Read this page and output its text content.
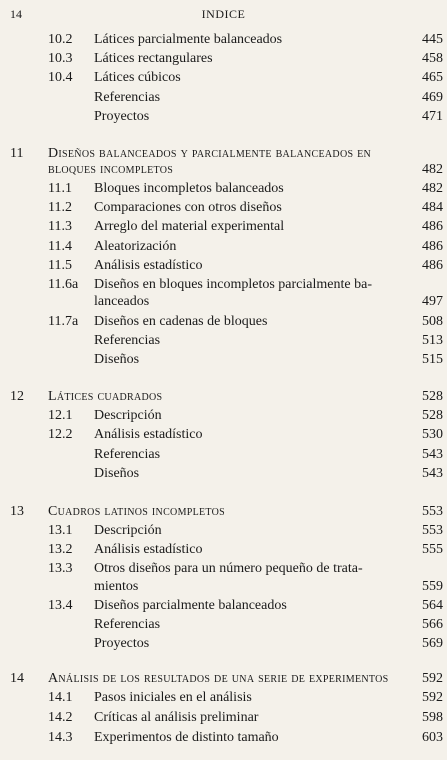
14	INDICE
10.2 Látices parcialmente balanceados	445
10.3 Látices rectangulares	458
10.4 Látices cúbicos	465
Referencias	469
Proyectos	471
11 Diseños balanceados y parcialmente balanceados en
bloques incompletos	482
11.1 Bloques incompletos balanceados	482
11.2 Comparaciones con otros diseños	484
11.3 Arreglo del material experimental	486
11.4 Aleatorización	486
11.5 Análisis estadístico	486
11.6a Diseños en bloques incompletos parcialmente ba-
lanceados	497
11.7a Diseños en cadenas de bloques	508
Referencias	513
Diseños	515
12 Látices cuadrados	528
12.1 Descripción	528
12.2 Análisis estadístico	530
Referencias	543
Diseños	543
13 Cuadros latinos incompletos	553
13.1 Descripción	553
13.2 Análisis estadístico	555
13.3 Otros diseños para un número pequeño de trata-
mientos	559
13.4 Diseños parcialmente balanceados	564
Referencias	566
Proyectos	569
14 Análisis de los resultados de una serie de experimentos 592
14.1 Pasos iniciales en el análisis	592
14.2 Críticas al análisis preliminar	598
14.3 Experimentos de distinto tamaño	603
